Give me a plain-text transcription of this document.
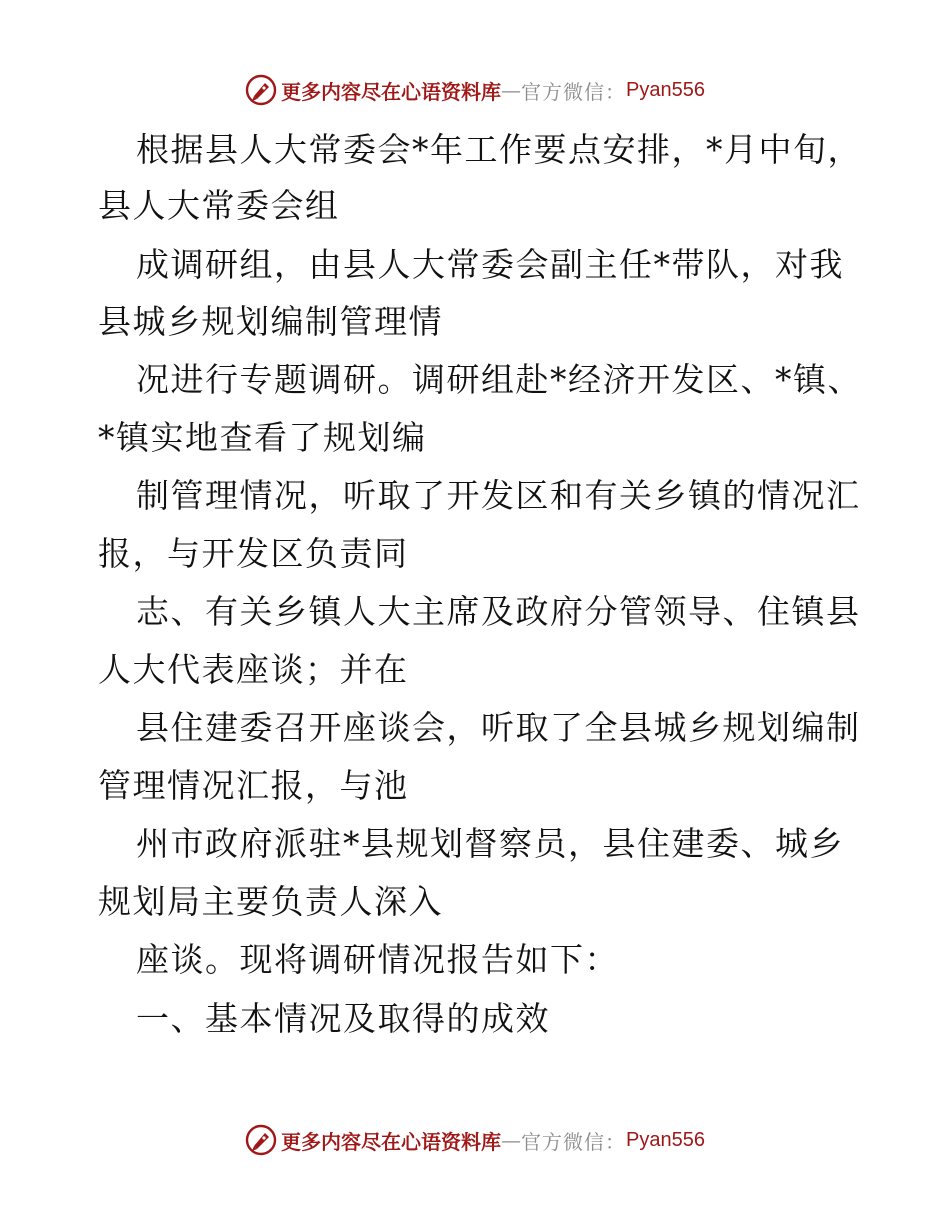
更多内容尽在心语资料库 — 官方微信： Pyan556
根据县人大常委会*年工作要点安排，*月中旬，
县人大常委会组
成调研组，由县人大常委会副主任*带队，对我
县城乡规划编制管理情
况进行专题调研。调研组赴*经济开发区、*镇、
*镇实地查看了规划编
制管理情况，听取了开发区和有关乡镇的情况汇
报，与开发区负责同
志、有关乡镇人大主席及政府分管领导、住镇县
人大代表座谈；并在
县住建委召开座谈会，听取了全县城乡规划编制
管理情况汇报，与池
州市政府派驻*县规划督察员，县住建委、城乡
规划局主要负责人深入
座谈。现将调研情况报告如下：
一、基本情况及取得的成效
更多内容尽在心语资料库 — 官方微信： Pyan556
